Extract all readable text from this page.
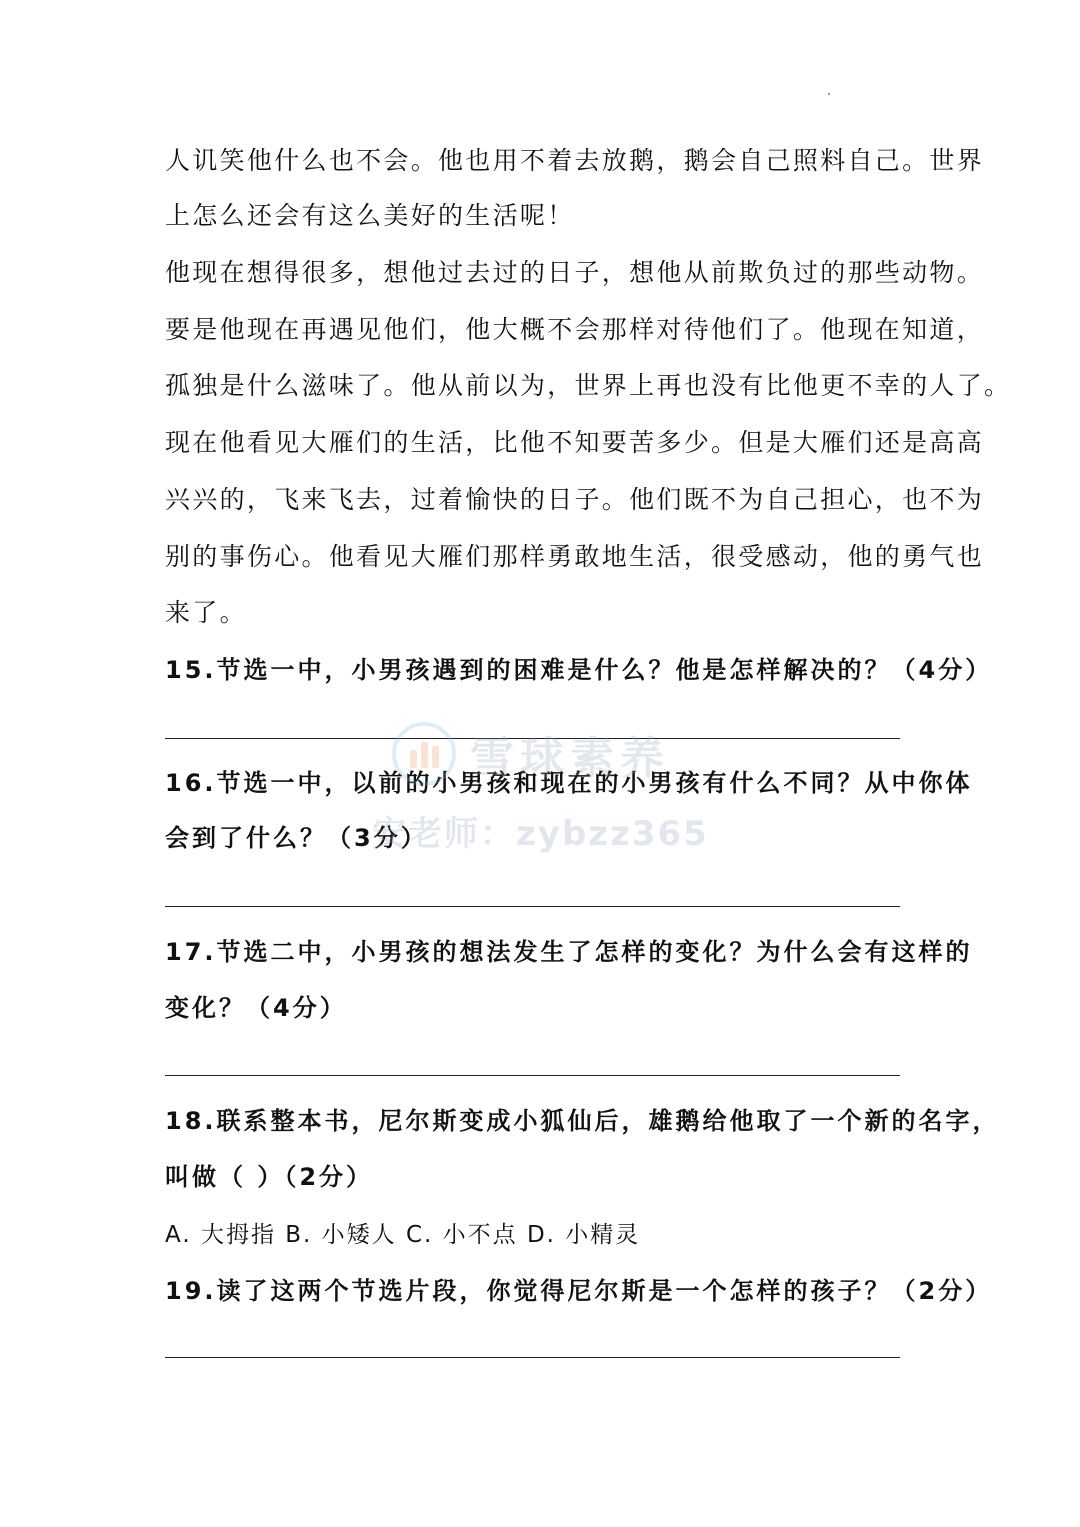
人讥笑他什么也不会。他也用不着去放鹅，鹅会自己照料自己。世界
上怎么还会有这么美好的生活呢！
他现在想得很多，想他过去过的日子，想他从前欺负过的那些动物。
要是他现在再遇见他们，他大概不会那样对待他们了。他现在知道，
孤独是什么滋味了。他从前以为，世界上再也没有比他更不幸的人了。
现在他看见大雁们的生活，比他不知要苦多少。但是大雁们还是高高
兴兴的，飞来飞去，过着愉快的日子。他们既不为自己担心，也不为
别的事伤心。他看见大雁们那样勇敢地生活，很受感动，他的勇气也
来了。
15.节选一中，小男孩遇到的困难是什么？他是怎样解决的？（4分）
16.节选一中，以前的小男孩和现在的小男孩有什么不同？从中你体
会到了什么？（3分）
17.节选二中，小男孩的想法发生了怎样的变化？为什么会有这样的
变化？（4分）
18.联系整本书，尼尔斯变成小狐仙后，雄鹅给他取了一个新的名字，
叫做（ ）（2分）
A. 大拇指 B. 小矮人 C. 小不点 D. 小精灵
19.读了这两个节选片段，你觉得尼尔斯是一个怎样的孩子？（2分）
雪球素养
安老师：zybzz365
